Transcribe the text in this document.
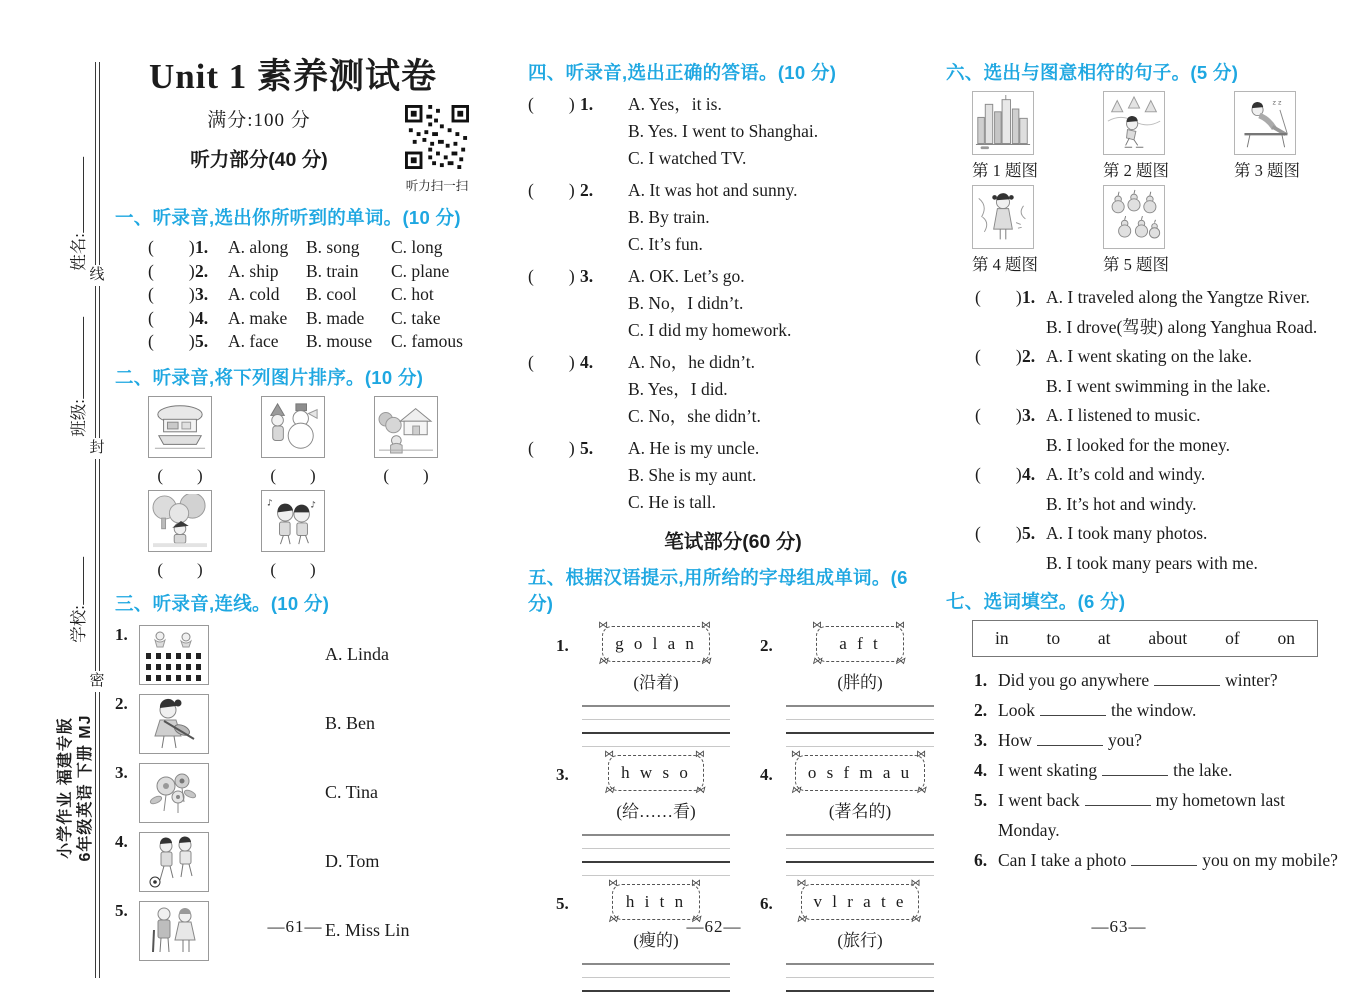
线
封
密
姓名:
班级:
学校:
小学作业 福建专版 6年级英语 下册 MJ
Unit 1 素养测试卷
满分:100 分
听力部分(40 分)
听力扫一扫
一、听录音,选出你所听到的单词。(10 分)
(　　) 1.	A. along	B. song	C. long
(　　) 2.	A. ship	B. train	C. plane
(　　) 3.	A. cold	B. cool	C. hot
(　　) 4.	A. make	B. made	C. take
(　　) 5.	A. face	B. mouse	C. famous
二、听录音,将下列图片排序。(10 分)
(　　)	(　　)	(　　)
(　　)
♪	♪
(　　)
三、听录音,连线。(10 分)
1.
A. Linda
2.
B. Ben
3.
C. Tina
4.
D. Tom
5.
E. Miss Lin
四、听录音,选出正确的答语。(10 分)
(　　) 1.	A. Yes，it is.
B. Yes. I went to Shanghai.
C. I watched TV.
(　　) 2.	A. It was hot and sunny.
B. By train.
C. It’s fun.
(　　) 3.	A. OK. Let’s go.
B. No，I didn’t.
C. I did my homework.
(　　) 4.	A. No，he didn’t.
B. Yes，I did.
C. No，she didn’t.
(　　) 5.	A. He is my uncle.
B. She is my aunt.
C. He is tall.
笔试部分(60 分)
五、根据汉语提示,用所给的字母组成单词。(6 分)
1.	⋈ g o l a n ⋈
(沿着)
2.	⋈ a f t ⋈
(胖的)
3.	⋈ h w s o ⋈
(给……看)
4.	⋈ o s f m a u ⋈
(著名的)
5.	⋈ h i t n ⋈
(瘦的)
6.	⋈ v l r a t e ⋈
(旅行)
六、选出与图意相符的句子。(5 分)
第 1 题图	第 2 题图
z z
第 3 题图
第 4 题图	第 5 题图
(　　) 1. A. I traveled along the Yangtze River.
B. I drove(驾驶) along Yanghua Road.
(　　) 2. A. I went skating on the lake.
B. I went swimming in the lake.
(　　) 3. A. I listened to music.
B. I looked for the money.
(　　) 4. A. It’s cold and windy.
B. It’s hot and windy.
(　　) 5. A. I took many photos.
B. I took many pears with me.
七、选词填空。(6 分)
in to at about of on
1. Did you go anywhere	winter?
2. Look	the window.
3. How	you?
4. I went skating	the lake.
5. I went back	my hometown last Monday.
6. Can I take a photo	you on my mobile?
—61—	—62—	—63—
